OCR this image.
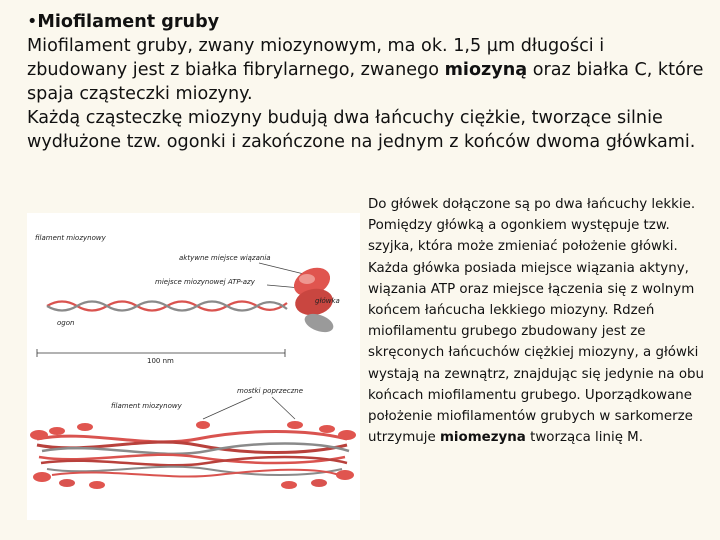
•Miofilament gruby

Miofilament gruby, zwany miozynowym, ma ok. 1,5 µm długości i zbudowany jest z białka fibrylarnego, zwanego miozyną oraz białka C, które spaja cząsteczki miozyny.

Każdą cząsteczkę miozyny budują dwa łańcuchy ciężkie, tworzące silnie wydłużone tzw. ogonki i zakończone na jednym z końców dwoma główkami.

filament miozynowy
aktywne miejsce wiązania
miejsce miozynowej ATP-azy
główka
ogon
100 nm
mostki poprzeczne
filament miozynowy

Do główek dołączone są po dwa łańcuchy lekkie. Pomiędzy główką a ogonkiem występuje tzw. szyjka, która może zmieniać położenie główki. Każda główka posiada miejsce wiązania aktyny, wiązania ATP oraz miejsce łączenia się z wolnym końcem łańcucha lekkiego miozyny. Rdzeń miofilamentu grubego zbudowany jest ze skręconych łańcuchów ciężkiej miozyny, a główki wystają na zewnątrz, znajdując się jedynie na obu końcach miofilamentu grubego. Uporządkowane położenie miofilamentów grubych w sarkomerze utrzymuje miomezyna tworząca linię M.
